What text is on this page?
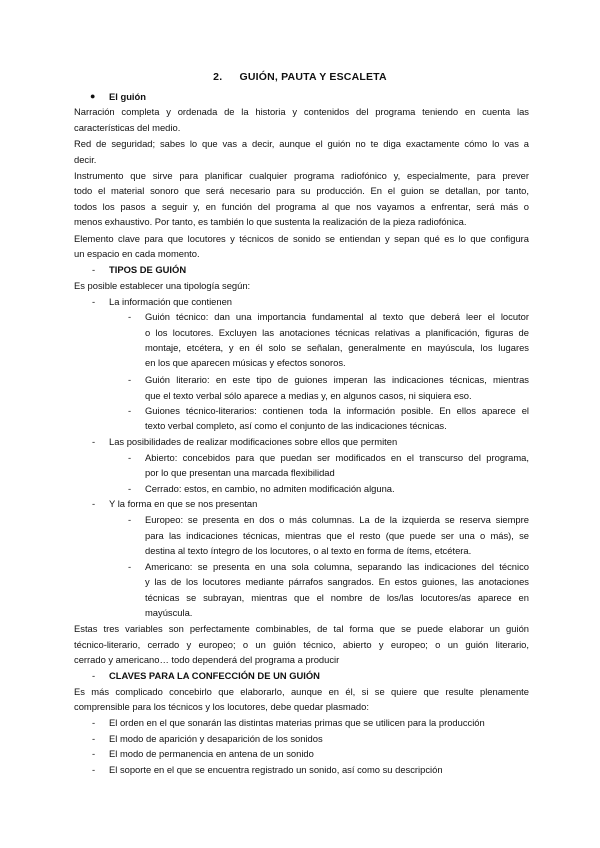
2. GUIÓN, PAUTA Y ESCALETA
● El guión
Narración completa y ordenada de la historia y contenidos del programa teniendo en cuenta las
características del medio.
Red de seguridad; sabes lo que vas a decir, aunque el guión no te diga exactamente cómo lo vas a
decir.
Instrumento que sirve para planificar cualquier programa radiofónico y, especialmente, para prever
todo el material sonoro que será necesario para su producción. En el guion se detallan, por tanto,
todos los pasos a seguir y, en función del programa al que nos vayamos a enfrentar, será más o
menos exhaustivo. Por tanto, es también lo que sustenta la realización de la pieza radiofónica.
Elemento clave para que locutores y técnicos de sonido se entiendan y sepan qué es lo que configura
un espacio en cada momento.
- TIPOS DE GUIÓN
Es posible establecer una tipología según:
- La información que contienen
- Guión técnico: dan una importancia fundamental al texto que deberá leer el locutor
o los locutores. Excluyen las anotaciones técnicas relativas a planificación, figuras de
montaje, etcétera, y en él solo se señalan, generalmente en mayúscula, los lugares
en los que aparecen músicas y efectos sonoros.
- Guión literario: en este tipo de guiones imperan las indicaciones técnicas, mientras
que el texto verbal sólo aparece a medias y, en algunos casos, ni siquiera eso.
- Guiones técnico-literarios: contienen toda la información posible. En ellos aparece el
texto verbal completo, así como el conjunto de las indicaciones técnicas.
- Las posibilidades de realizar modificaciones sobre ellos que permiten
- Abierto: concebidos para que puedan ser modificados en el transcurso del programa,
por lo que presentan una marcada flexibilidad
- Cerrado: estos, en cambio, no admiten modificación alguna.
- Y la forma en que se nos presentan
- Europeo: se presenta en dos o más columnas. La de la izquierda se reserva siempre
para las indicaciones técnicas, mientras que el resto (que puede ser una o más), se
destina al texto íntegro de los locutores, o al texto en forma de ítems, etcétera.
- Americano: se presenta en una sola columna, separando las indicaciones del técnico
y las de los locutores mediante párrafos sangrados. En estos guiones, las anotaciones
técnicas se subrayan, mientras que el nombre de los/las locutores/as aparece en
mayúscula.
Estas tres variables son perfectamente combinables, de tal forma que se puede elaborar un guión
técnico-literario, cerrado y europeo; o un guión técnico, abierto y europeo; o un guión literario,
cerrado y americano… todo dependerá del programa a producir
- CLAVES PARA LA CONFECCIÓN DE UN GUIÓN
Es más complicado concebirlo que elaborarlo, aunque en él, si se quiere que resulte plenamente
comprensible para los técnicos y los locutores, debe quedar plasmado:
- El orden en el que sonarán las distintas materias primas que se utilicen para la producción
- El modo de aparición y desaparición de los sonidos
- El modo de permanencia en antena de un sonido
- El soporte en el que se encuentra registrado un sonido, así como su descripción
